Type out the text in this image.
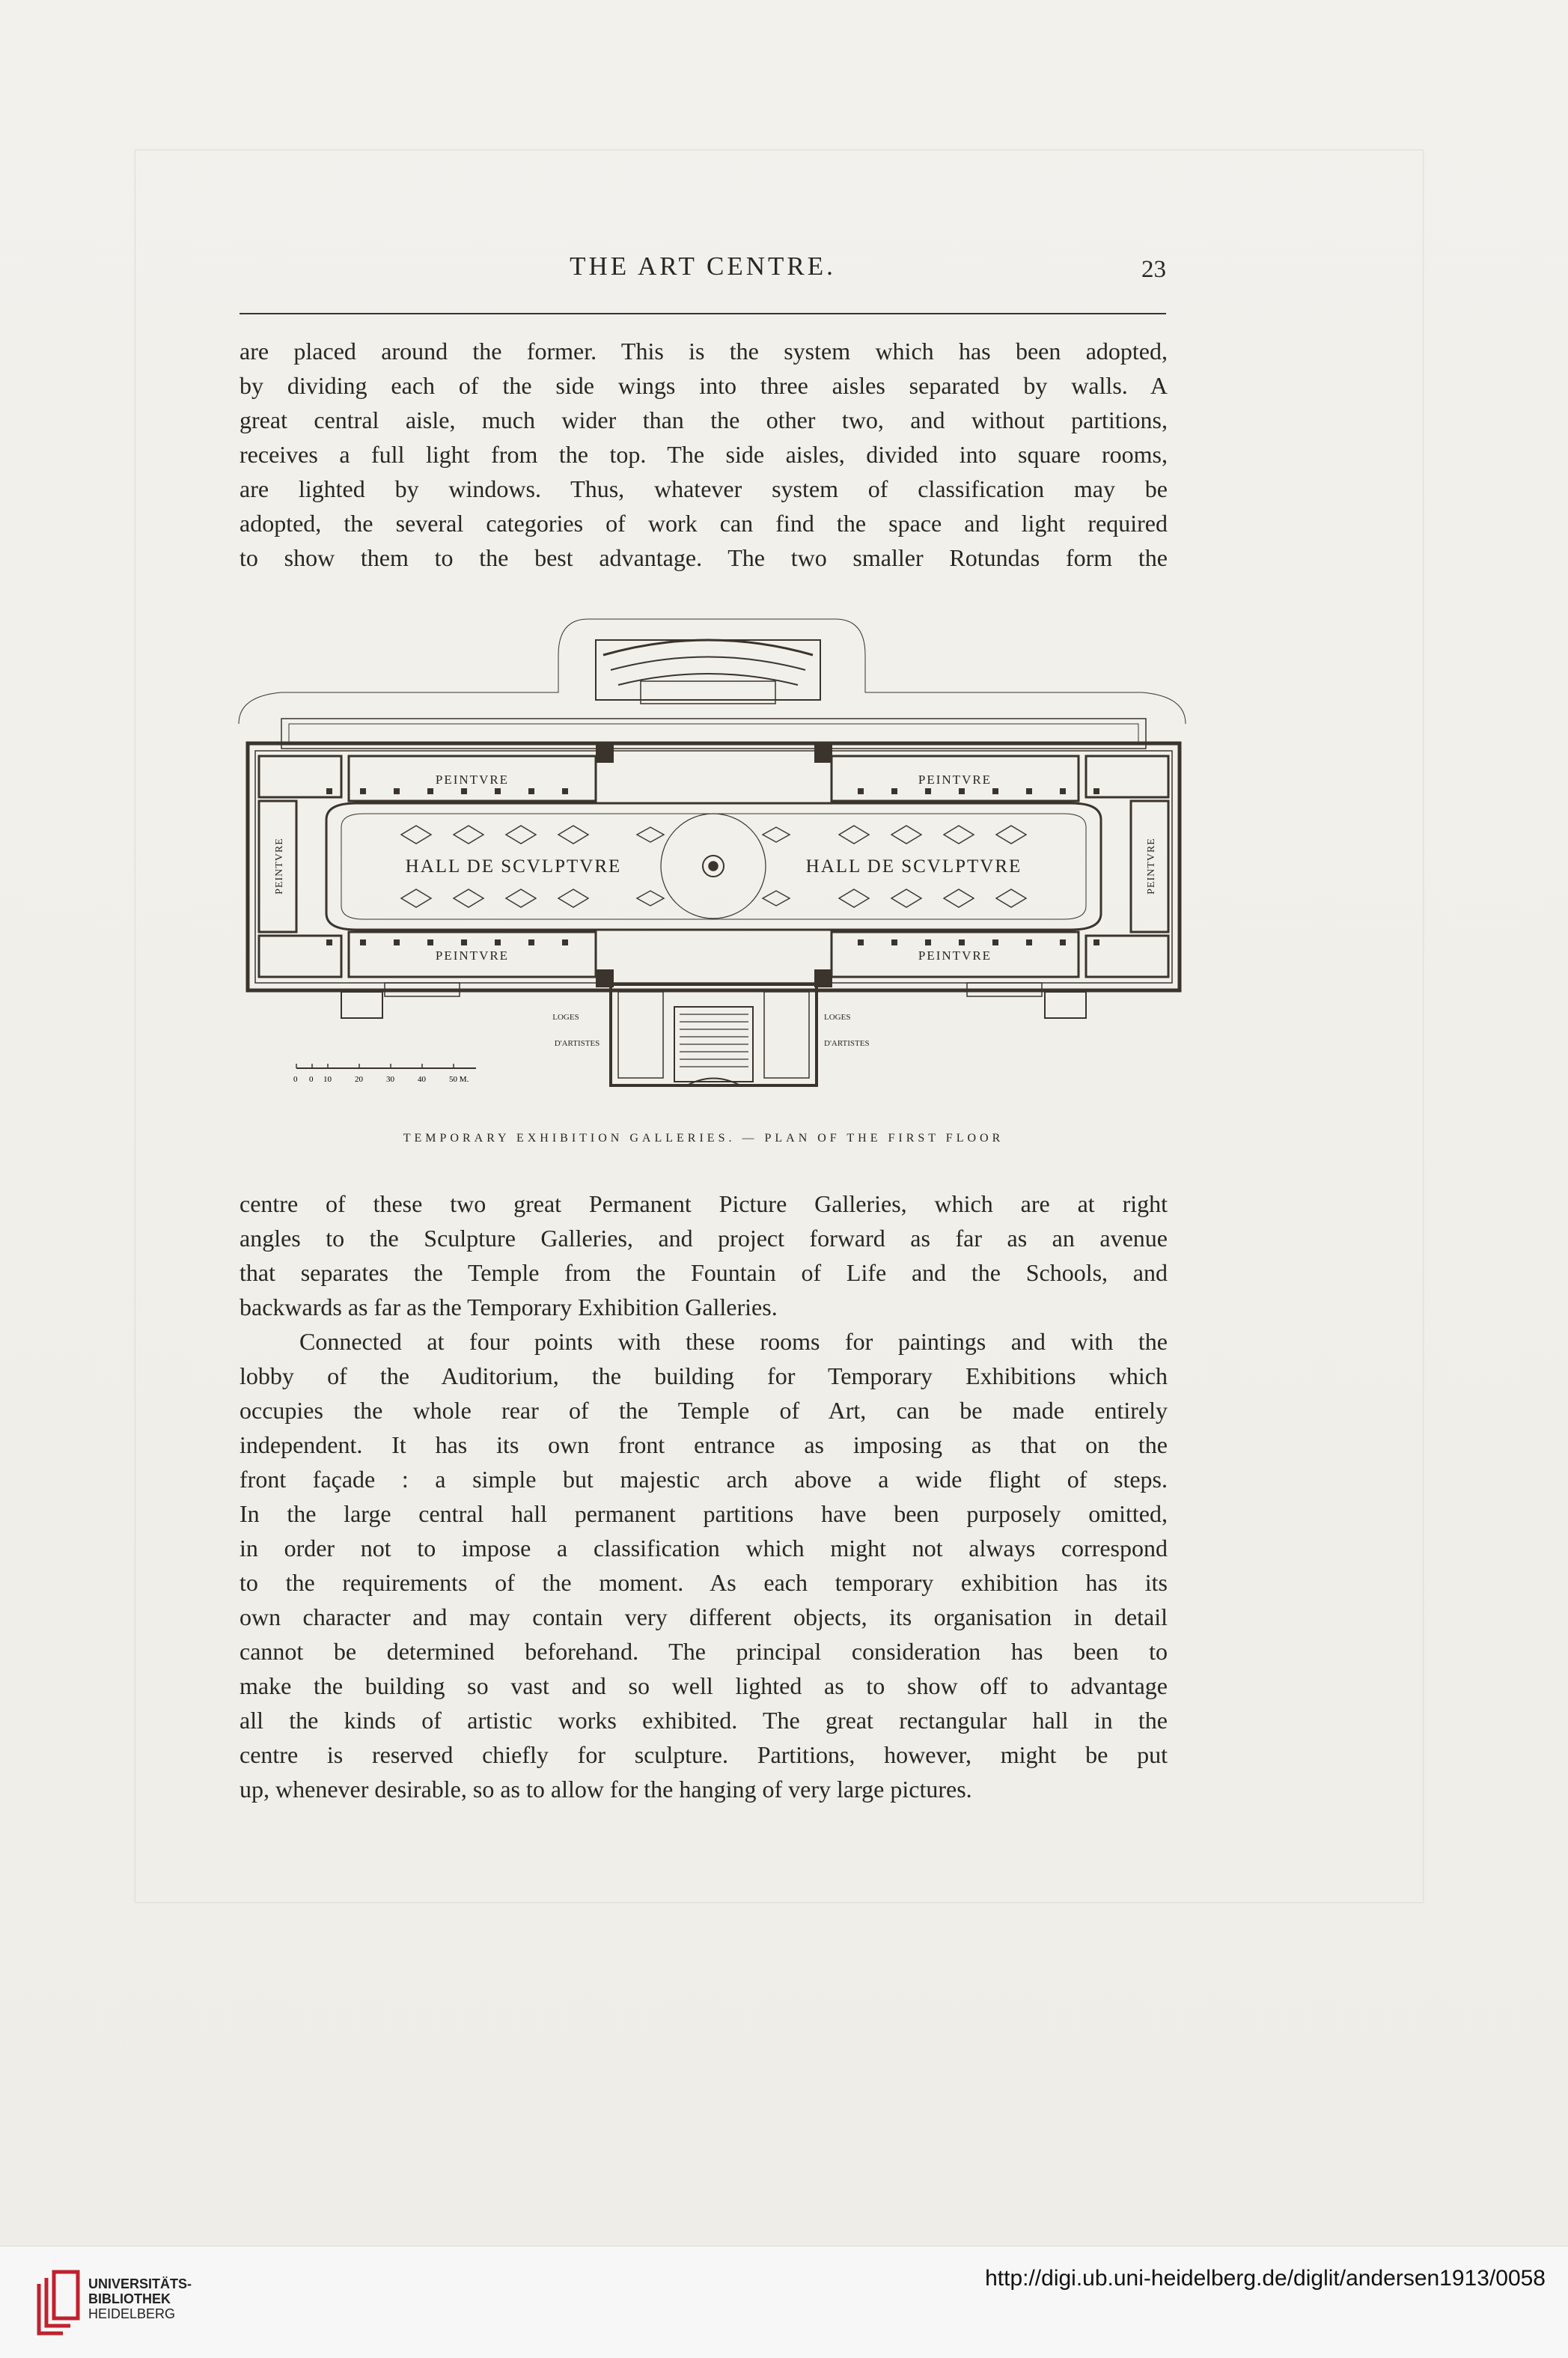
THE ART CENTRE.	23
are placed around the former. This is the system which has been adopted,
by dividing each of the side wings into three aisles separated by walls. A
great central aisle, much wider than the other two, and without partitions,
receives a full light from the top. The side aisles, divided into square rooms,
are lighted by windows. Thus, whatever system of classification may be
adopted, the several categories of work can find the space and light required
to show them to the best advantage. The two smaller Rotundas form the
0 0 10	20	30	40	50 M.
PEINTVRE	PEINTVRE
PEINTVRE	PEINTVRE
PEINTVRE	PEINTVRE
HALL DE SCVLPTVRE	HALL DE SCVLPTVRE
LOGES	LOGES
D'ARTISTES	D'ARTISTES
TEMPORARY EXHIBITION GALLERIES. — PLAN OF THE FIRST FLOOR
centre of these two great Permanent Picture Galleries, which are at right
angles to the Sculpture Galleries, and project forward as far as an avenue
that separates the Temple from the Fountain of Life and the Schools, and
backwards as far as the Temporary Exhibition Galleries.
Connected at four points with these rooms for paintings and with the
lobby of the Auditorium, the building for Temporary Exhibitions which
occupies the whole rear of the Temple of Art, can be made entirely
independent. It has its own front entrance as imposing as that on the
front façade : a simple but majestic arch above a wide flight of steps.
In the large central hall permanent partitions have been purposely omitted,
in order not to impose a classification which might not always correspond
to the requirements of the moment. As each temporary exhibition has its
own character and may contain very different objects, its organisation in detail
cannot be determined beforehand. The principal consideration has been to
make the building so vast and so well lighted as to show off to advantage
all the kinds of artistic works exhibited. The great rectangular hall in the
centre is reserved chiefly for sculpture. Partitions, however, might be put
up, whenever desirable, so as to allow for the hanging of very large pictures.
UNIVERSITÄTS-
BIBLIOTHEK
HEIDELBERG
http://digi.ub.uni-heidelberg.de/diglit/andersen1913/0058
